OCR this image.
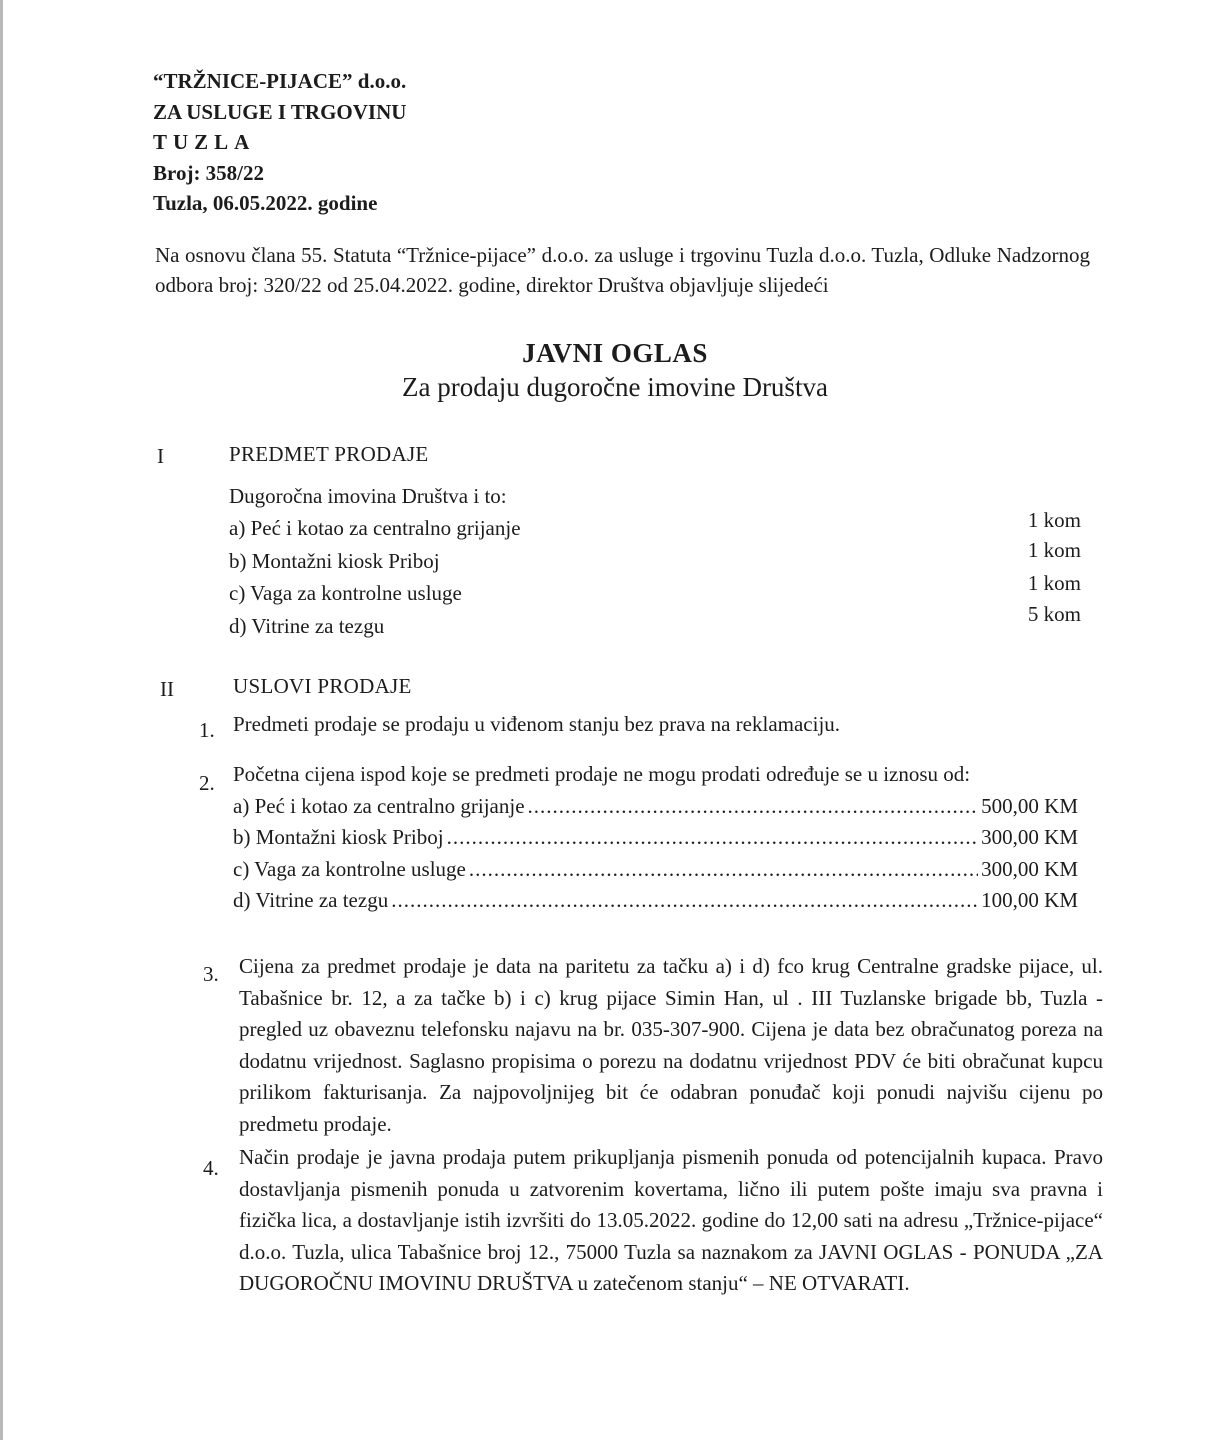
“TRŽNICE-PIJACE” d.o.o.
ZA USLUGE I TRGOVINU
TUZLA
Broj: 358/22
Tuzla, 06.05.2022. godine

Na osnovu člana 55. Statuta “Tržnice-pijace” d.o.o. za usluge i trgovinu Tuzla d.o.o. Tuzla, Odluke Nadzornog odbora broj: 320/22 od 25.04.2022. godine, direktor Društva objavljuje slijedeći

JAVNI OGLAS
Za prodaju dugoročne imovine Društva
I	PREDMET PRODAJE
Dugoročna imovina Društva i to:
a) Peć i kotao za centralno grijanje	1 kom
b) Montažni kiosk Priboj	1 kom
c) Vaga za kontrolne usluge	1 kom
d) Vitrine za tezgu	5 kom
II	USLOVI PRODAJE
1. Predmeti prodaje se prodaju u viđenom stanju bez prava na reklamaciju.
2. Početna cijena ispod koje se predmeti prodaje ne mogu prodati određuje se u iznosu od:
a) Peć i kotao za centralno grijanje .....	500,00 KM
b) Montažni kiosk Priboj .....	300,00 KM
c) Vaga za kontrolne usluge .....	300,00 KM
d) Vitrine za tezgu .....	100,00 KM
3. Cijena za predmet prodaje je data na paritetu za tačku a) i d) fco krug Centralne gradske pijace, ul. Tabašnice br. 12, a za tačke b) i c) krug pijace Simin Han, ul . III Tuzlanske brigade bb, Tuzla - pregled uz obaveznu telefonsku najavu na br. 035-307-900. Cijena je data bez obračunatog poreza na dodatnu vrijednost. Saglasno propisima o porezu na dodatnu vrijednost PDV će biti obračunat kupcu prilikom fakturisanja. Za najpovoljnijeg bit će odabran ponuđač koji ponudi najvišu cijenu po predmetu prodaje.

4. Način prodaje je javna prodaja putem prikupljanja pismenih ponuda od potencijalnih kupaca. Pravo dostavljanja pismenih ponuda u zatvorenim kovertama, lično ili putem pošte imaju sva pravna i fizička lica, a dostavljanje istih izvršiti do 13.05.2022. godine do 12,00 sati na adresu „Tržnice-pijace“ d.o.o. Tuzla, ulica Tabašnice broj 12., 75000 Tuzla sa naznakom za JAVNI OGLAS - PONUDA „ZA DUGOROČNU IMOVINU DRUŠTVA u zatečenom stanju“ – NE OTVARATI.
